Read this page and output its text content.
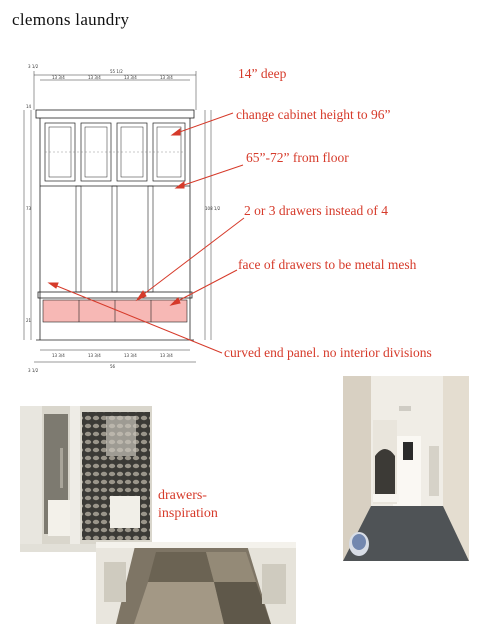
clemons laundry
55 1/2
3 1/2
13 3/4	13 3/4	13 3/4	13 3/4
14
73
21
108 1/2
13 3/4	13 3/4	13 3/4	13 3/4
56
3 1/2
14” deep
change cabinet height to 96”
65”-72” from floor
2 or 3 drawers instead of 4
face of drawers to be metal mesh
curved end panel. no interior divisions
drawers-
inspiration
